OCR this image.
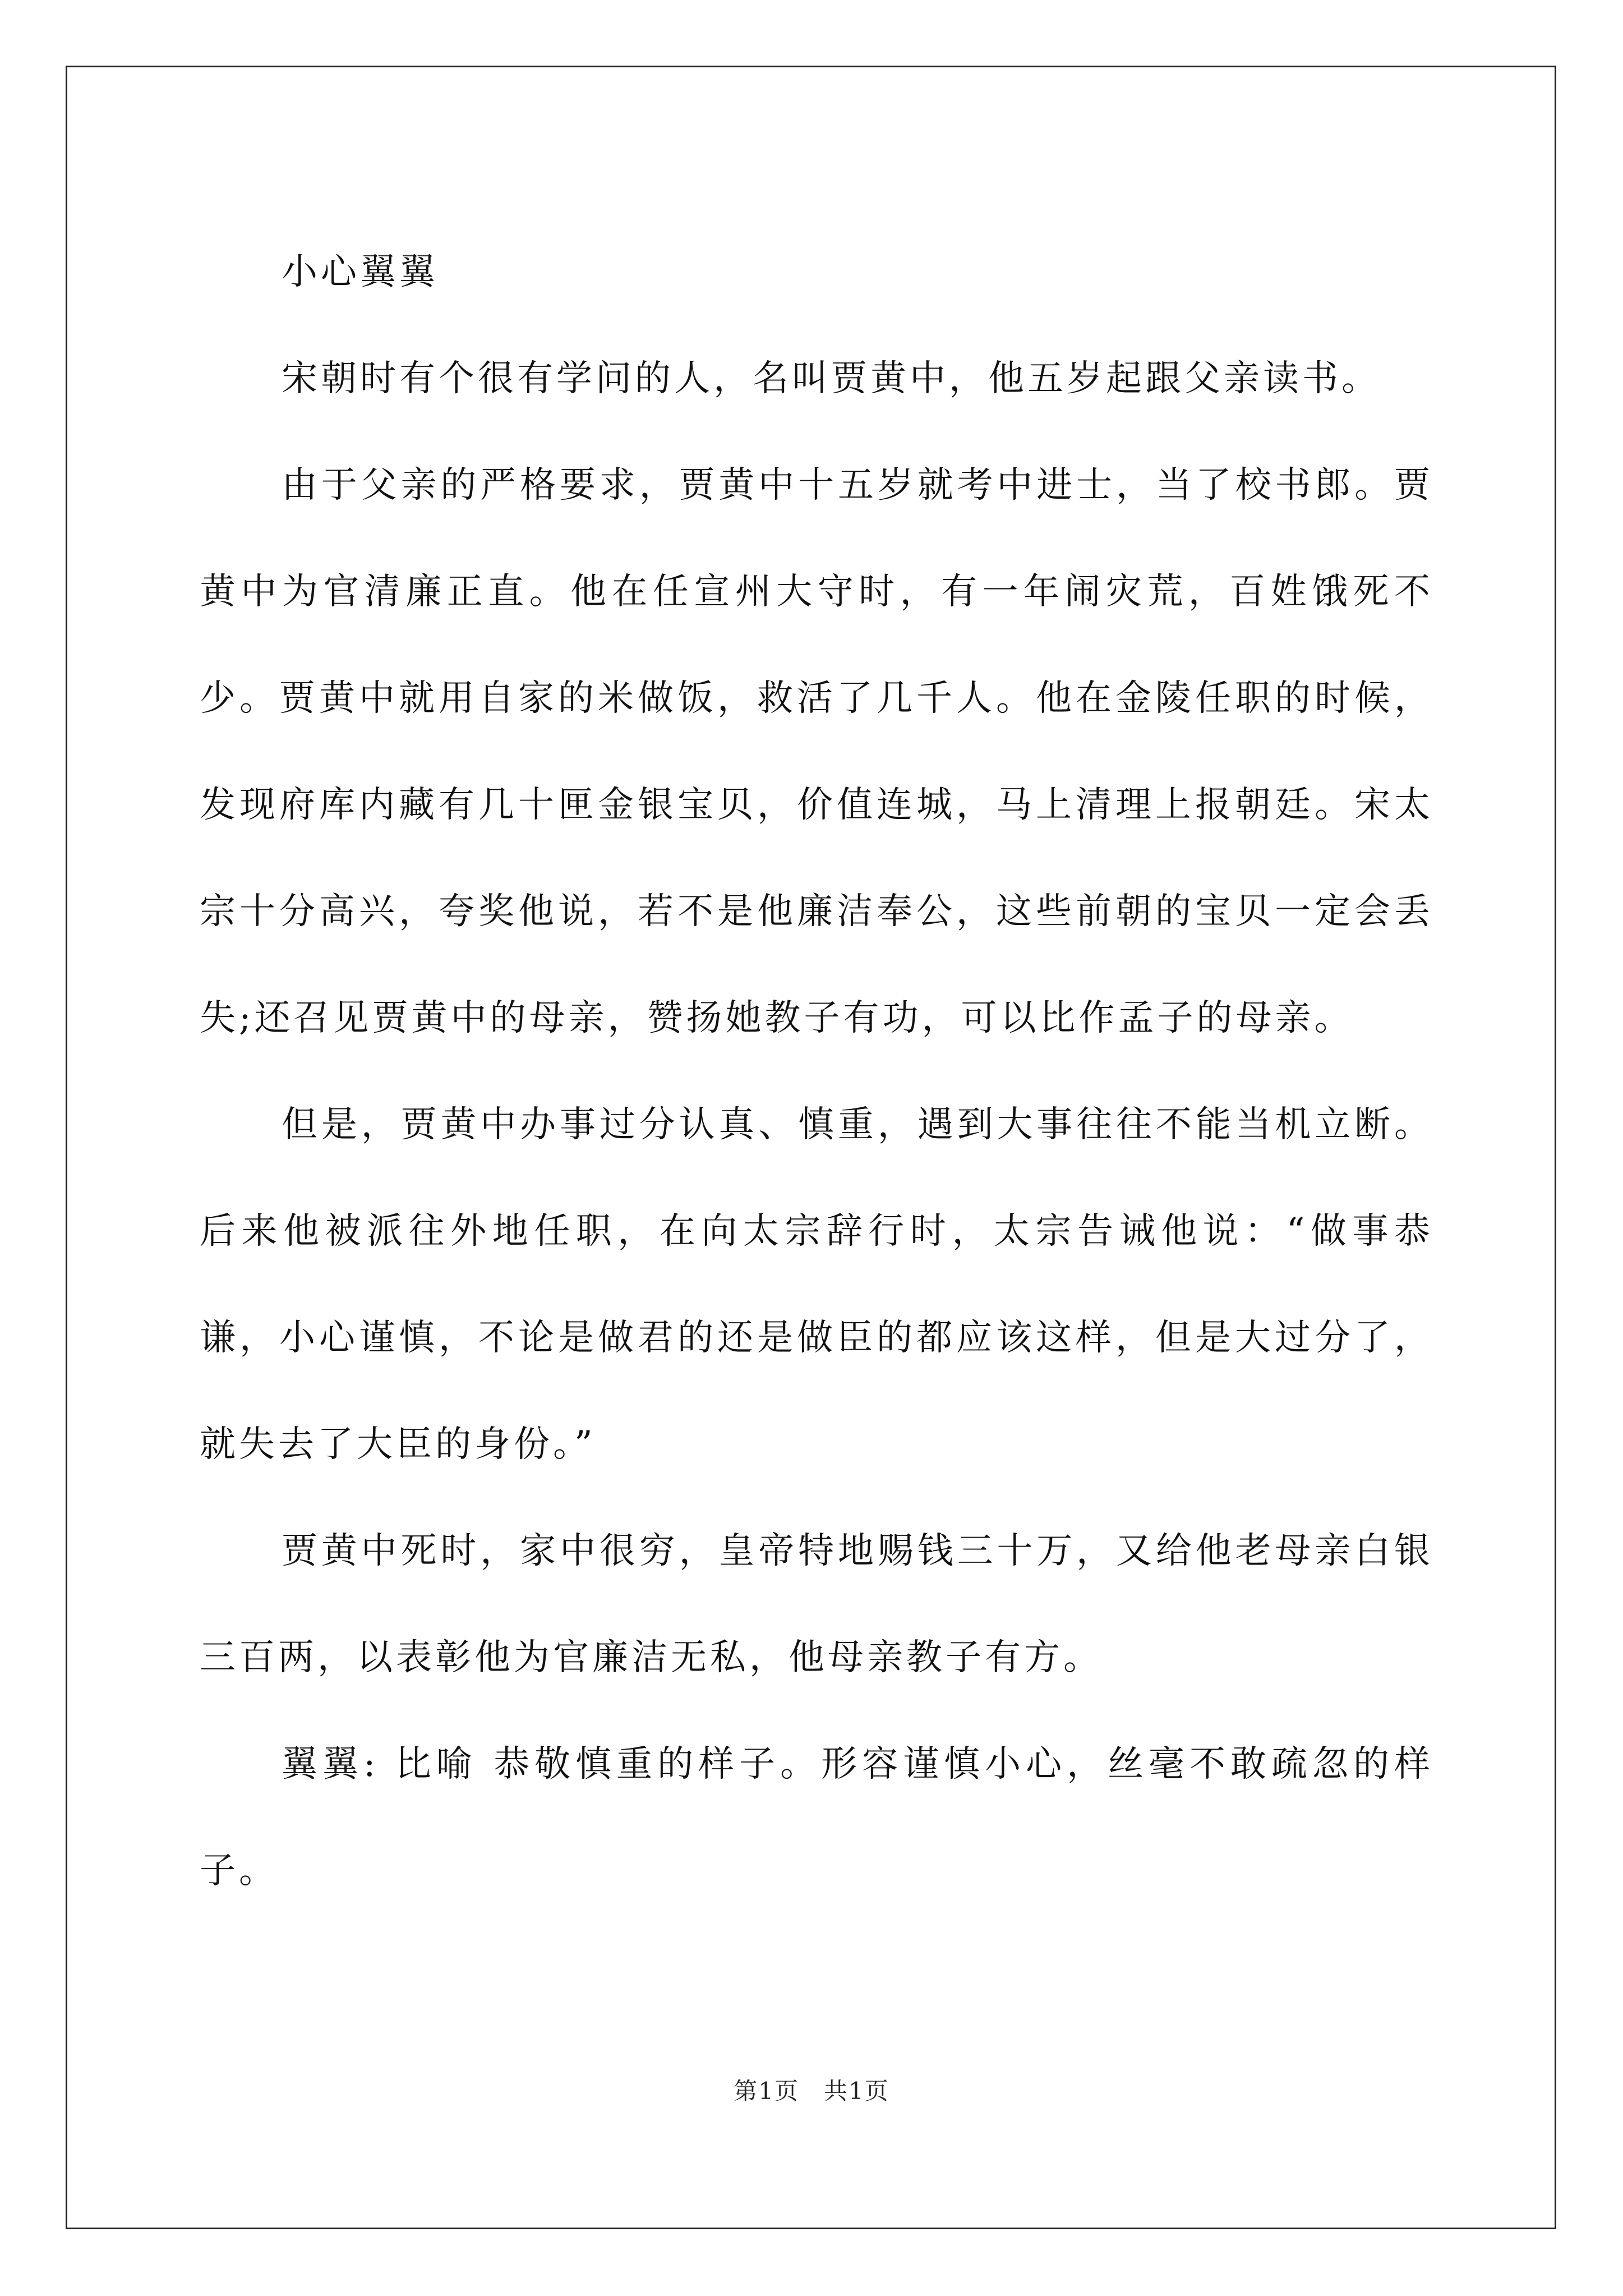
小心翼翼

宋朝时有个很有学问的人，名叫贾黄中，他五岁起跟父亲读书。

由于父亲的严格要求，贾黄中十五岁就考中进士，当了校书郎。贾黄中为官清廉正直。他在任宣州大守时，有一年闹灾荒，百姓饿死不少。贾黄中就用自家的米做饭，救活了几千人。他在金陵任职的时候，发现府库内藏有几十匣金银宝贝，价值连城，马上清理上报朝廷。宋太宗十分高兴，夸奖他说，若不是他廉洁奉公，这些前朝的宝贝一定会丢失;还召见贾黄中的母亲，赞扬她教子有功，可以比作孟子的母亲。

但是，贾黄中办事过分认真、慎重，遇到大事往往不能当机立断。后来他被派往外地任职，在向太宗辞行时，太宗告诫他说：“做事恭谦，小心谨慎，不论是做君的还是做臣的都应该这样，但是大过分了，就失去了大臣的身份。”

贾黄中死时，家中很穷，皇帝特地赐钱三十万，又给他老母亲白银三百两，以表彰他为官廉洁无私，他母亲教子有方。

翼翼: 比喻 恭敬慎重的样子。形容谨慎小心，丝毫不敢疏忽的样子。

第1页　共1页
